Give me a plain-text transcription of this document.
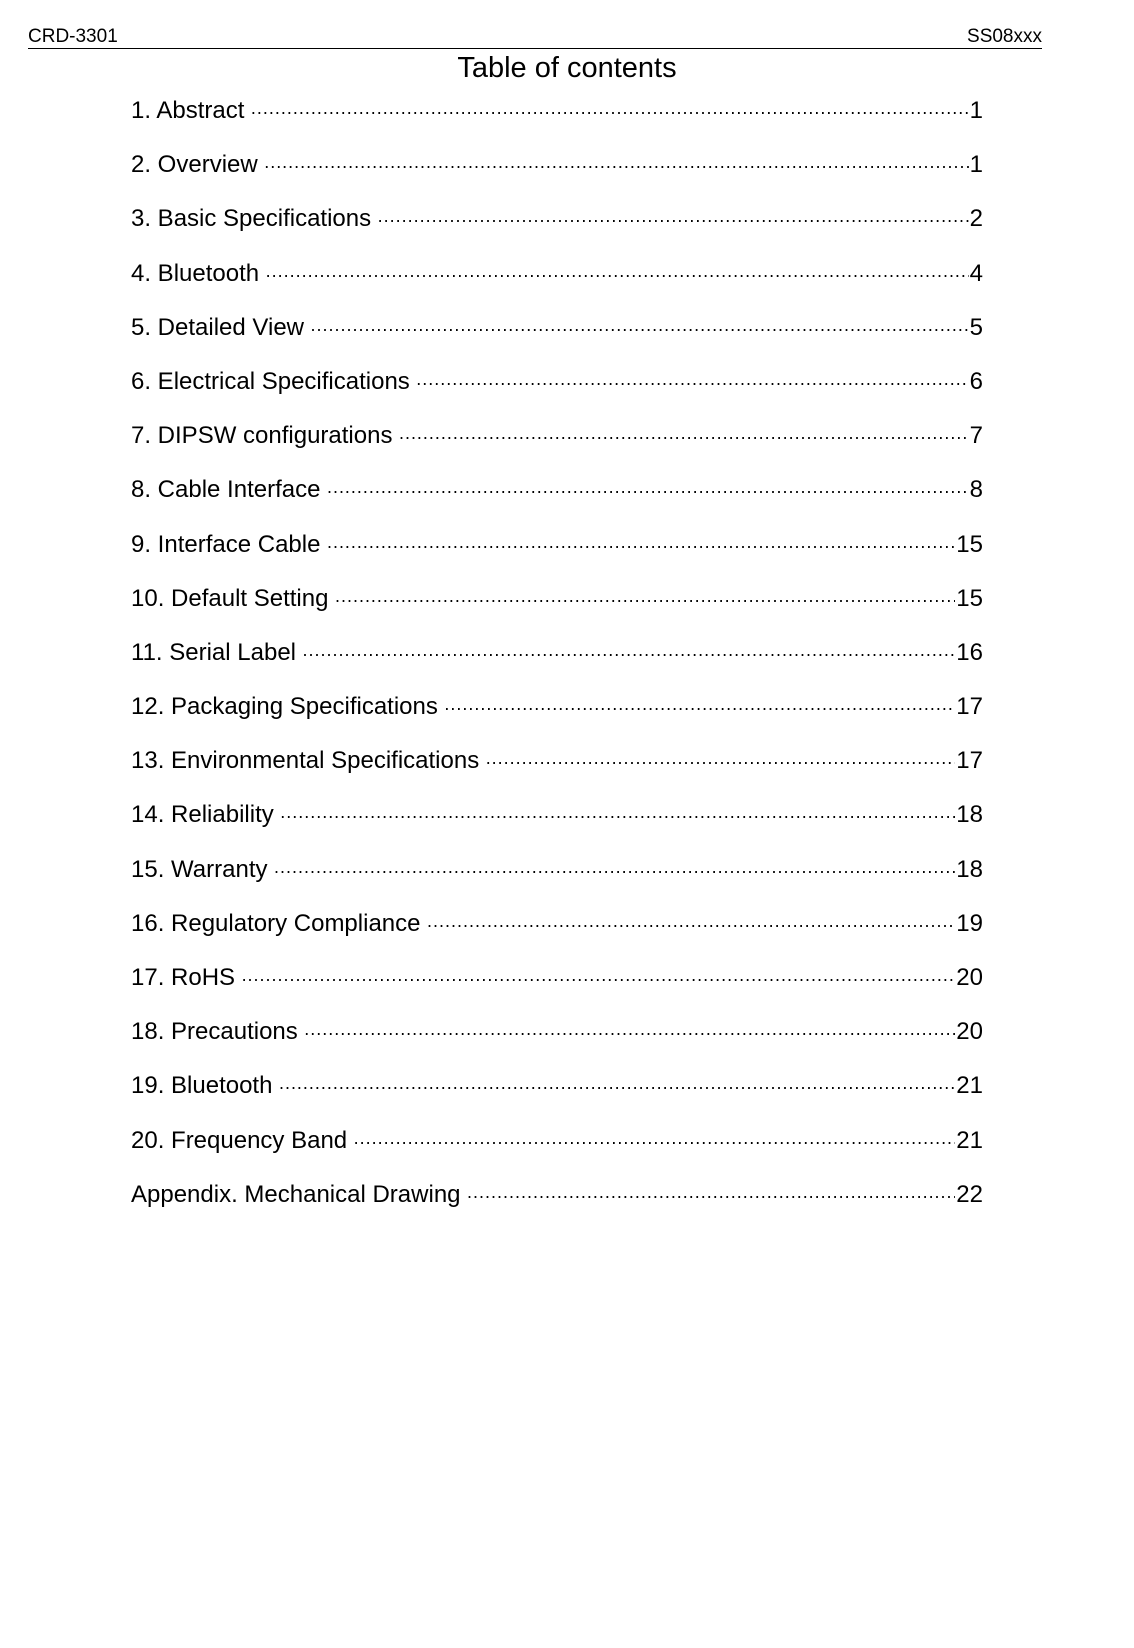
CRD-3301	SS08xxx
Table of contents
1. Abstract ·····	1
2. Overview ·····	1
3. Basic Specifications ·····	2
4. Bluetooth ·····	4
5. Detailed View ·····	5
6. Electrical Specifications ·····	6
7. DIPSW configurations ·····	7
8. Cable Interface ·····	8
9. Interface Cable ·····	15
10. Default Setting ·····	15
11. Serial Label ·····	16
12. Packaging Specifications ·····	17
13. Environmental Specifications ·····	17
14. Reliability ·····	18
15. Warranty ·····	18
16. Regulatory Compliance ·····	19
17. RoHS ·····	20
18. Precautions ·····	20
19. Bluetooth ·····	21
20. Frequency Band ·····	21
Appendix. Mechanical Drawing ·····	22
